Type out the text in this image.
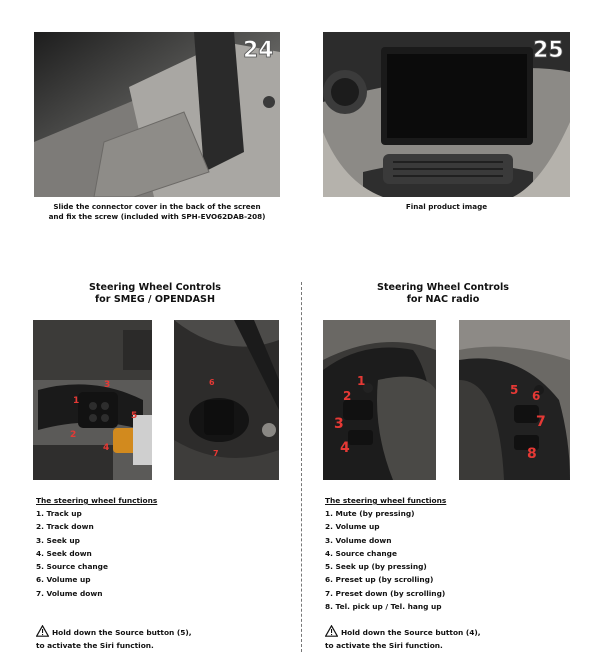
24
Slide the connector cover in the back of the screen
and fix the screw (included with SPH-EVO62DAB-208)
25
Final product image
Steering Wheel Controls
for SMEG / OPENDASH
1
2
3
4
5
6
7
The steering wheel functions
1. Track up
2. Track down
3. Seek up
4. Seek down
5. Source change
6. Volume up
7. Volume down
Hold down the Source button (5),
to activate the Siri function.
Steering Wheel Controls
for NAC radio
1
2
3
4
5 6
7
8
The steering wheel functions
1. Mute (by pressing)
2. Volume up
3. Volume down
4. Source change
5. Seek up (by pressing)
6. Preset up (by scrolling)
7. Preset down (by scrolling)
8. Tel. pick up / Tel. hang up
Hold down the Source button (4),
to activate the Siri function.
